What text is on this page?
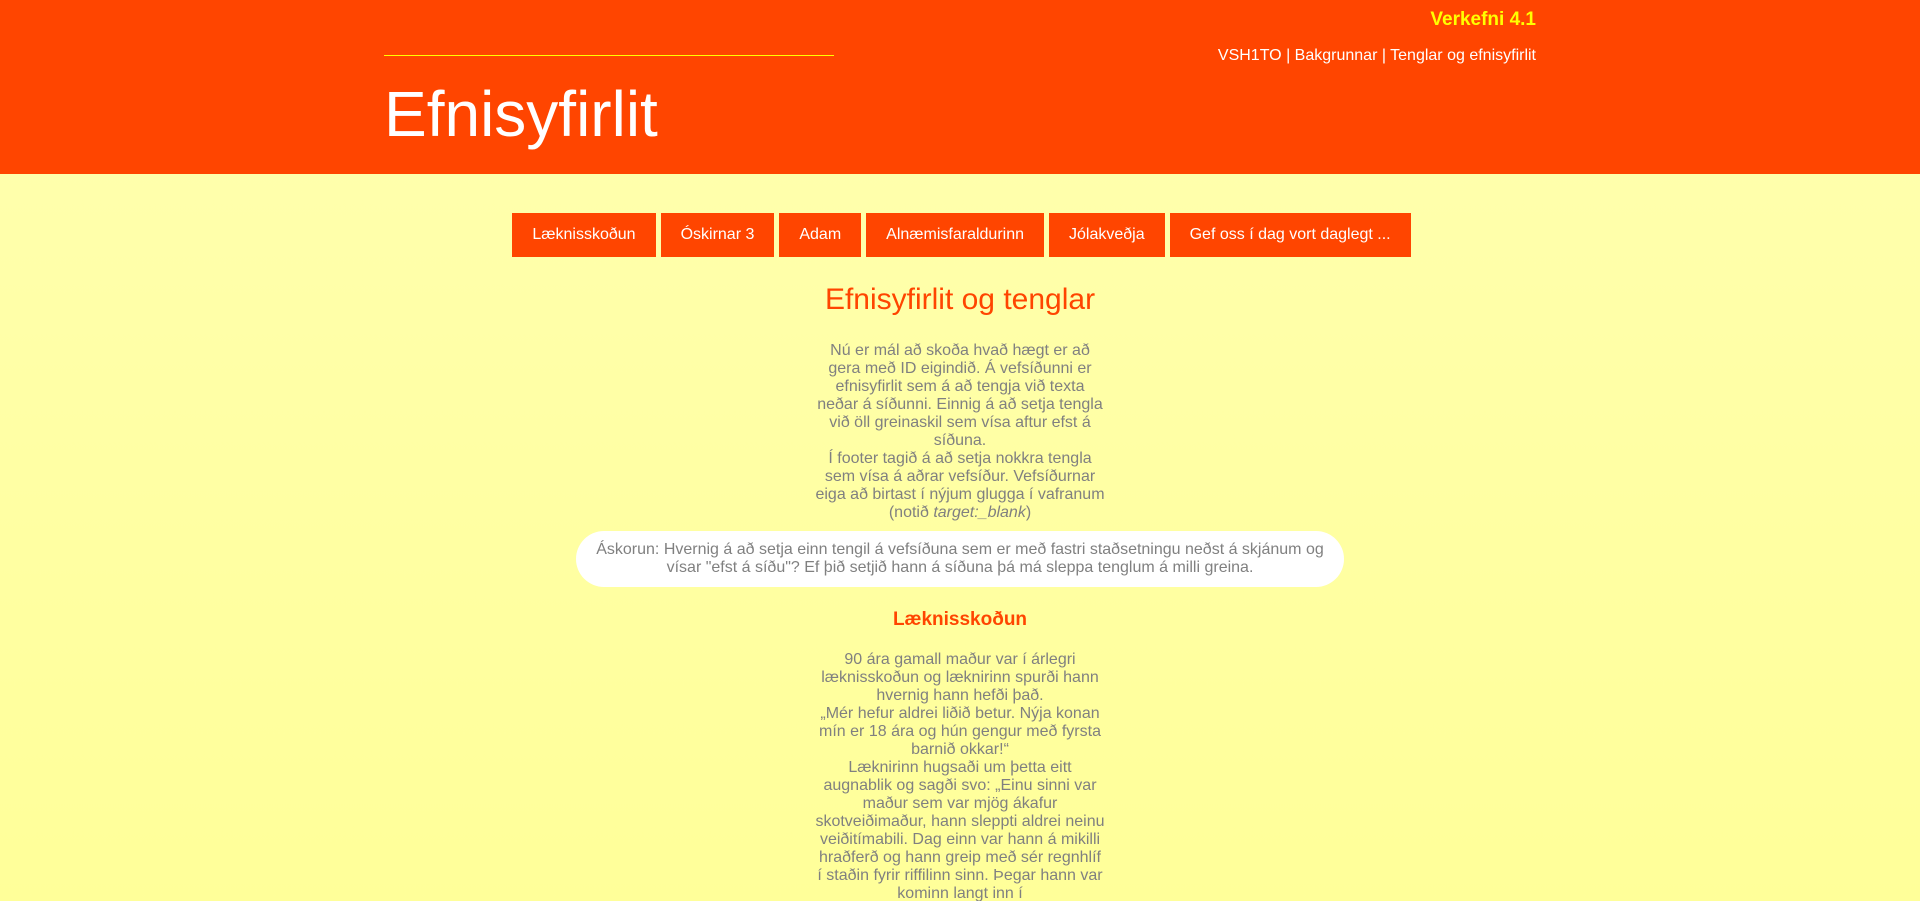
Verkefni 4.1
VSH1TO | Bakgrunnar | Tenglar og efnisyfirlit
Efnisyfirlit
Læknisskoðun	Óskirnar 3	Adam	Alnæmisfaraldurinn	Jólakveðja	Gef oss í dag vort daglegt ...
Efnisyfirlit og tenglar
Nú er mál að skoða hvað hægt er að gera með ID eigindið. Á vefsíðunni er efnisyfirlit sem á að tengja við texta neðar á síðunni. Einnig á að setja tengla við öll greinaskil sem vísa aftur efst á síðuna.
Í footer tagið á að setja nokkra tengla sem vísa á aðrar vefsíður. Vefsíðurnar eiga að birtast í nýjum glugga í vafranum (notið target:_blank)
Áskorun: Hvernig á að setja einn tengil á vefsíðuna sem er með fastri staðsetningu neðst á skjánum og vísar "efst á síðu"? Ef þið setjið hann á síðuna þá má sleppa tenglum á milli greina.
Læknisskoðun
90 ára gamall maður var í árlegri læknisskoðun og læknirinn spurði hann hvernig hann hefði það.
„Mér hefur aldrei liðið betur. Nýja konan mín er 18 ára og hún gengur með fyrsta barnið okkar!“
Læknirinn hugsaði um þetta eitt augnablik og sagði svo: „Einu sinni var maður sem var mjög ákafur skotveiðimaður, hann sleppti aldrei neinu veiðitímabili. Dag einn var hann á mikilli hraðferð og hann greip með sér regnhlíf í staðin fyrir riffilinn sinn. Þegar hann var kominn langt inn í
